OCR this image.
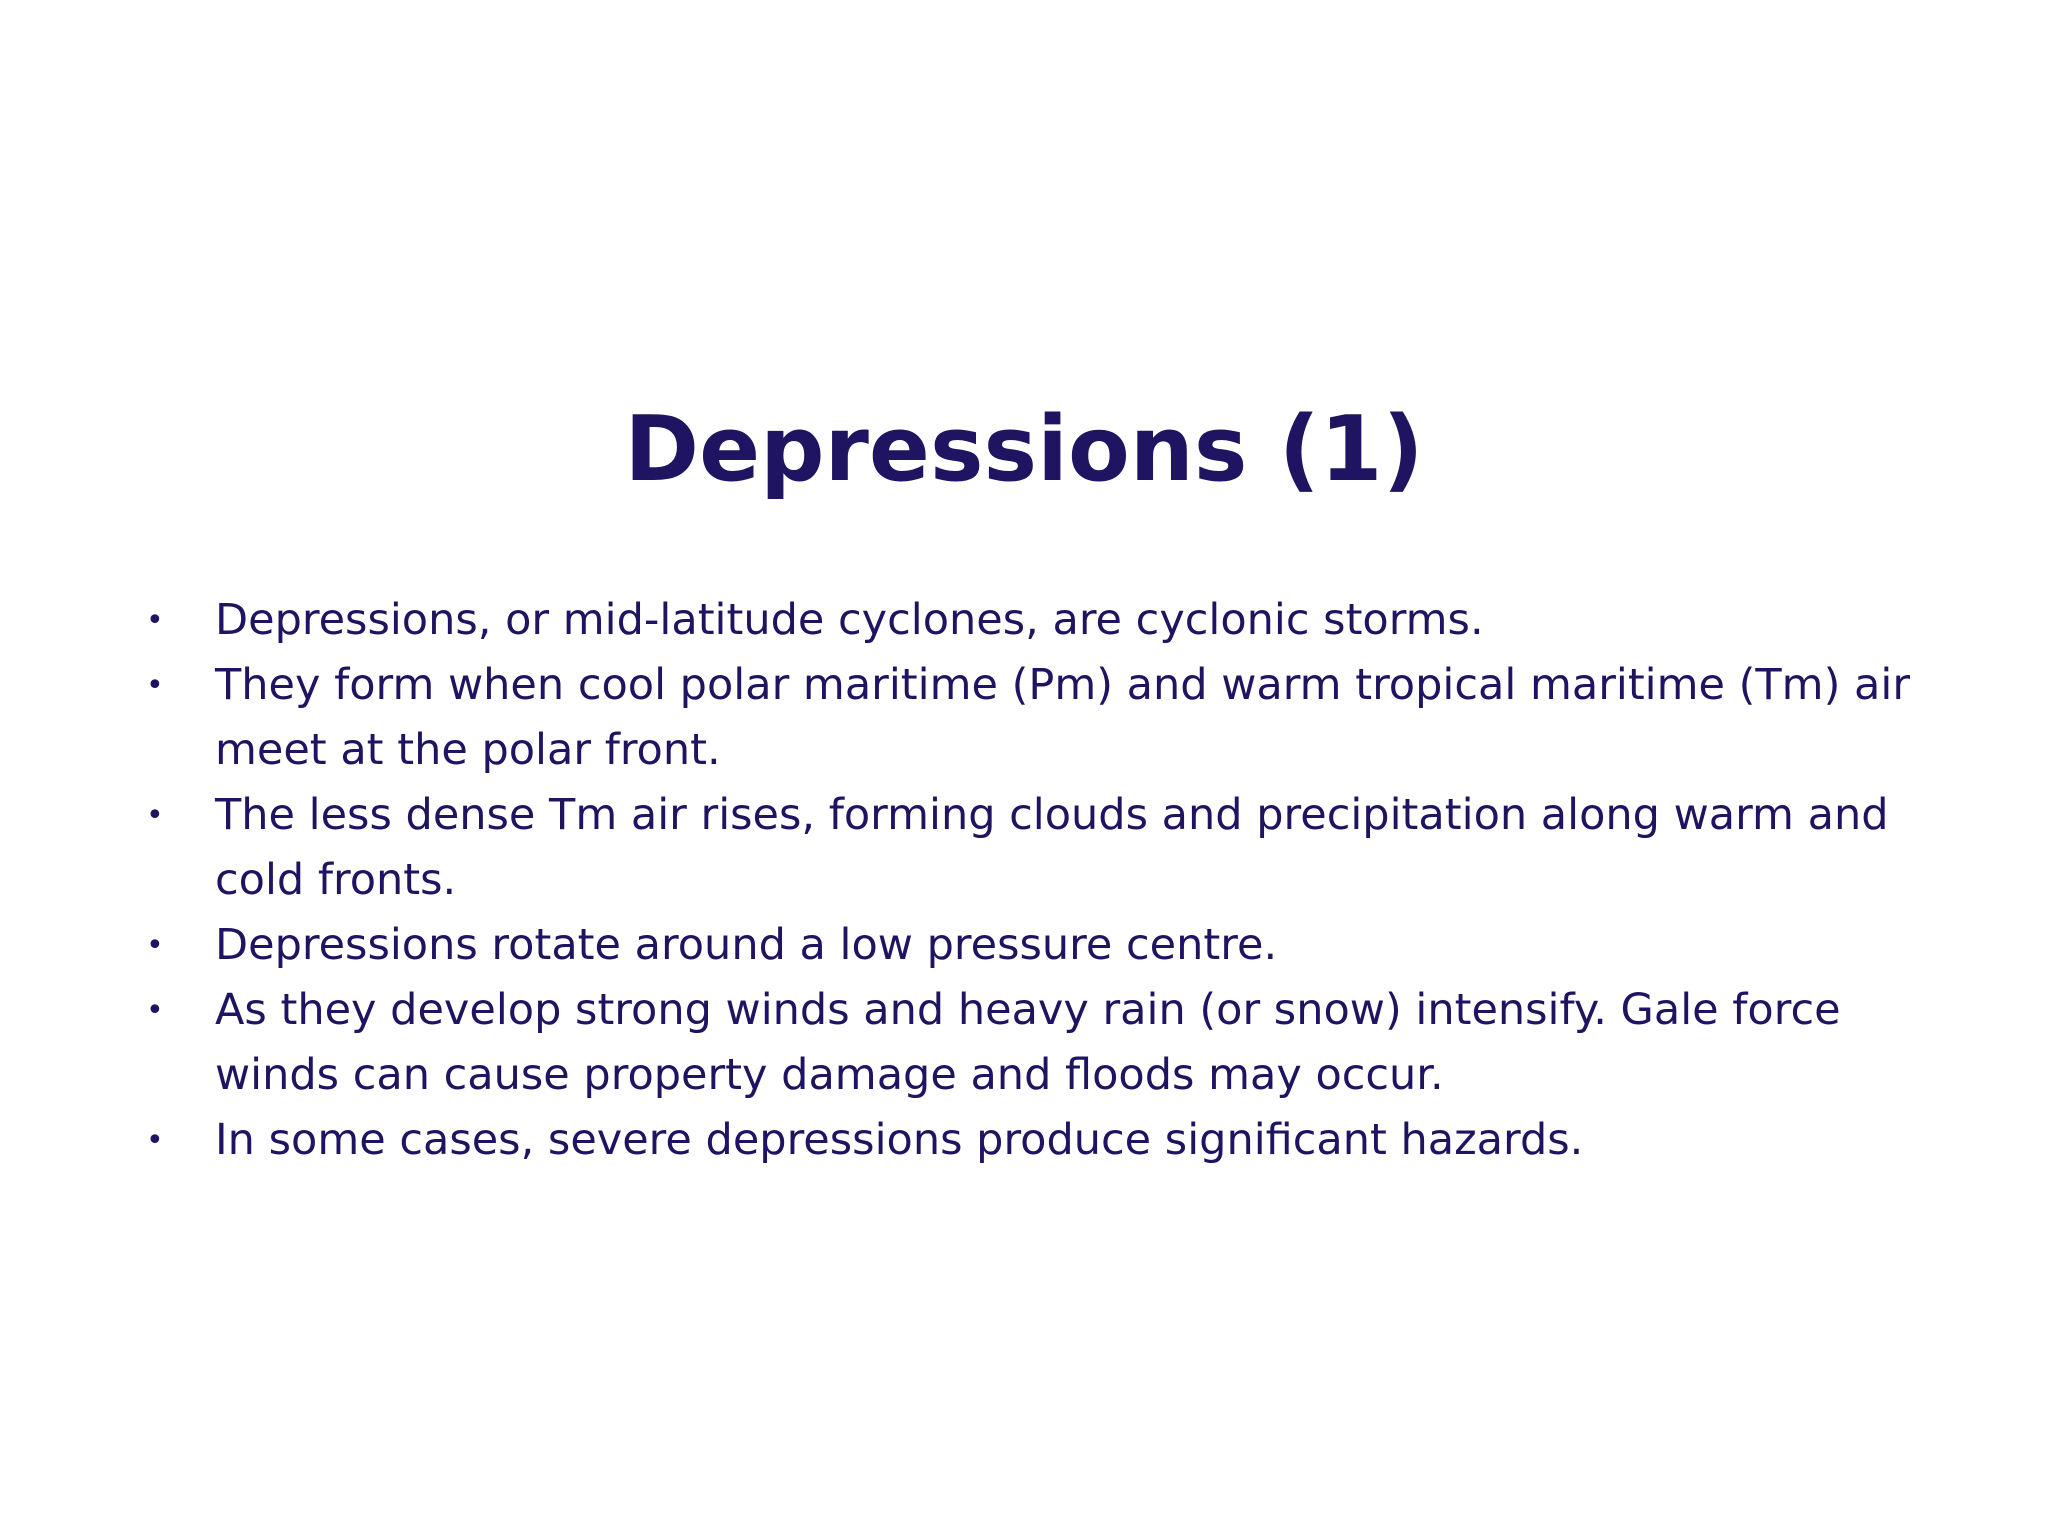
Depressions (1)
• Depressions, or mid-latitude cyclones, are cyclonic storms.
• They form when cool polar maritime (Pm) and warm tropical maritime (Tm) air meet at the polar front.
• The less dense Tm air rises, forming clouds and precipitation along warm and cold fronts.
• Depressions rotate around a low pressure centre.
• As they develop strong winds and heavy rain (or snow) intensify. Gale force winds can cause property damage and floods may occur.
• In some cases, severe depressions produce significant hazards.
